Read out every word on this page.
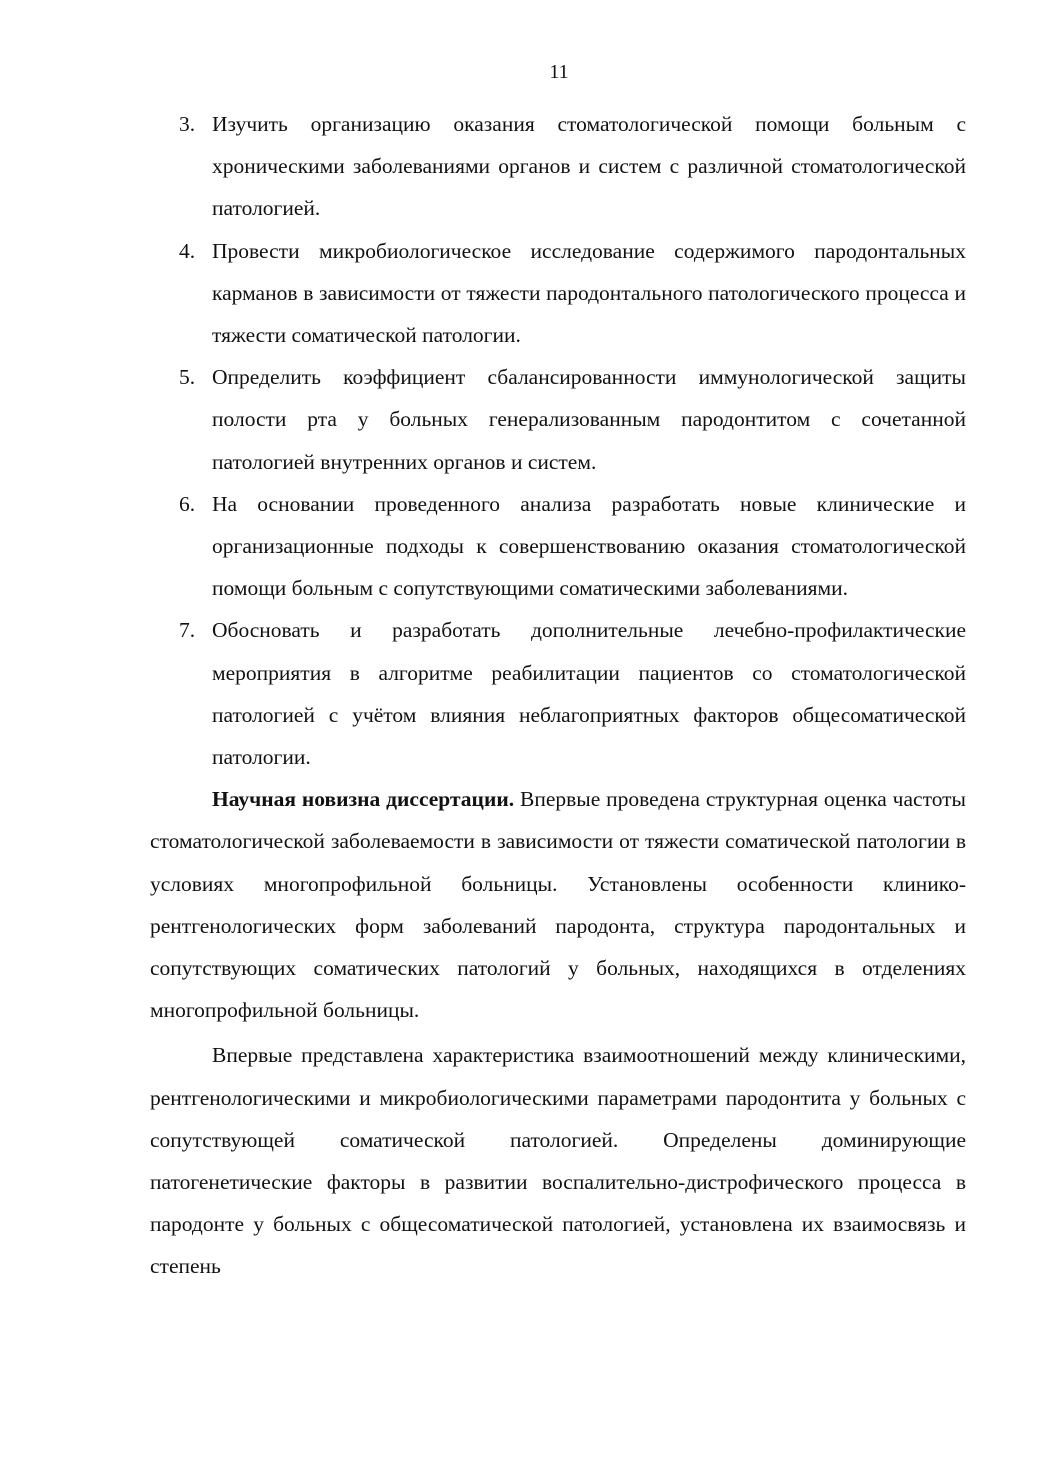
11
3. Изучить организацию оказания стоматологической помощи больным с хроническими заболеваниями органов и систем с различной стоматологической патологией.
4. Провести микробиологическое исследование содержимого пародонтальных карманов в зависимости от тяжести пародонтального патологического процесса и тяжести соматической патологии.
5. Определить коэффициент сбалансированности иммунологической защиты полости рта у больных генерализованным пародонтитом с сочетанной патологией внутренних органов и систем.
6. На основании проведенного анализа разработать новые клинические и организационные подходы к совершенствованию оказания стоматологической помощи больным с сопутствующими соматическими заболеваниями.
7. Обосновать и разработать дополнительные лечебно-профилактические мероприятия в алгоритме реабилитации пациентов со стоматологической патологией с учётом влияния неблагоприятных факторов общесоматической патологии.

Научная новизна диссертации. Впервые проведена структурная оценка частоты стоматологической заболеваемости в зависимости от тяжести соматической патологии в условиях многопрофильной больницы. Установлены особенности клинико-рентгенологических форм заболеваний пародонта, структура пародонтальных и сопутствующих соматических патологий у больных, находящихся в отделениях многопрофильной больницы.

Впервые представлена характеристика взаимоотношений между клиническими, рентгенологическими и микробиологическими параметрами пародонтита у больных с сопутствующей соматической патологией. Определены доминирующие патогенетические факторы в развитии воспалительно-дистрофического процесса в пародонте у больных с общесоматической патологией, установлена их взаимосвязь и степень
